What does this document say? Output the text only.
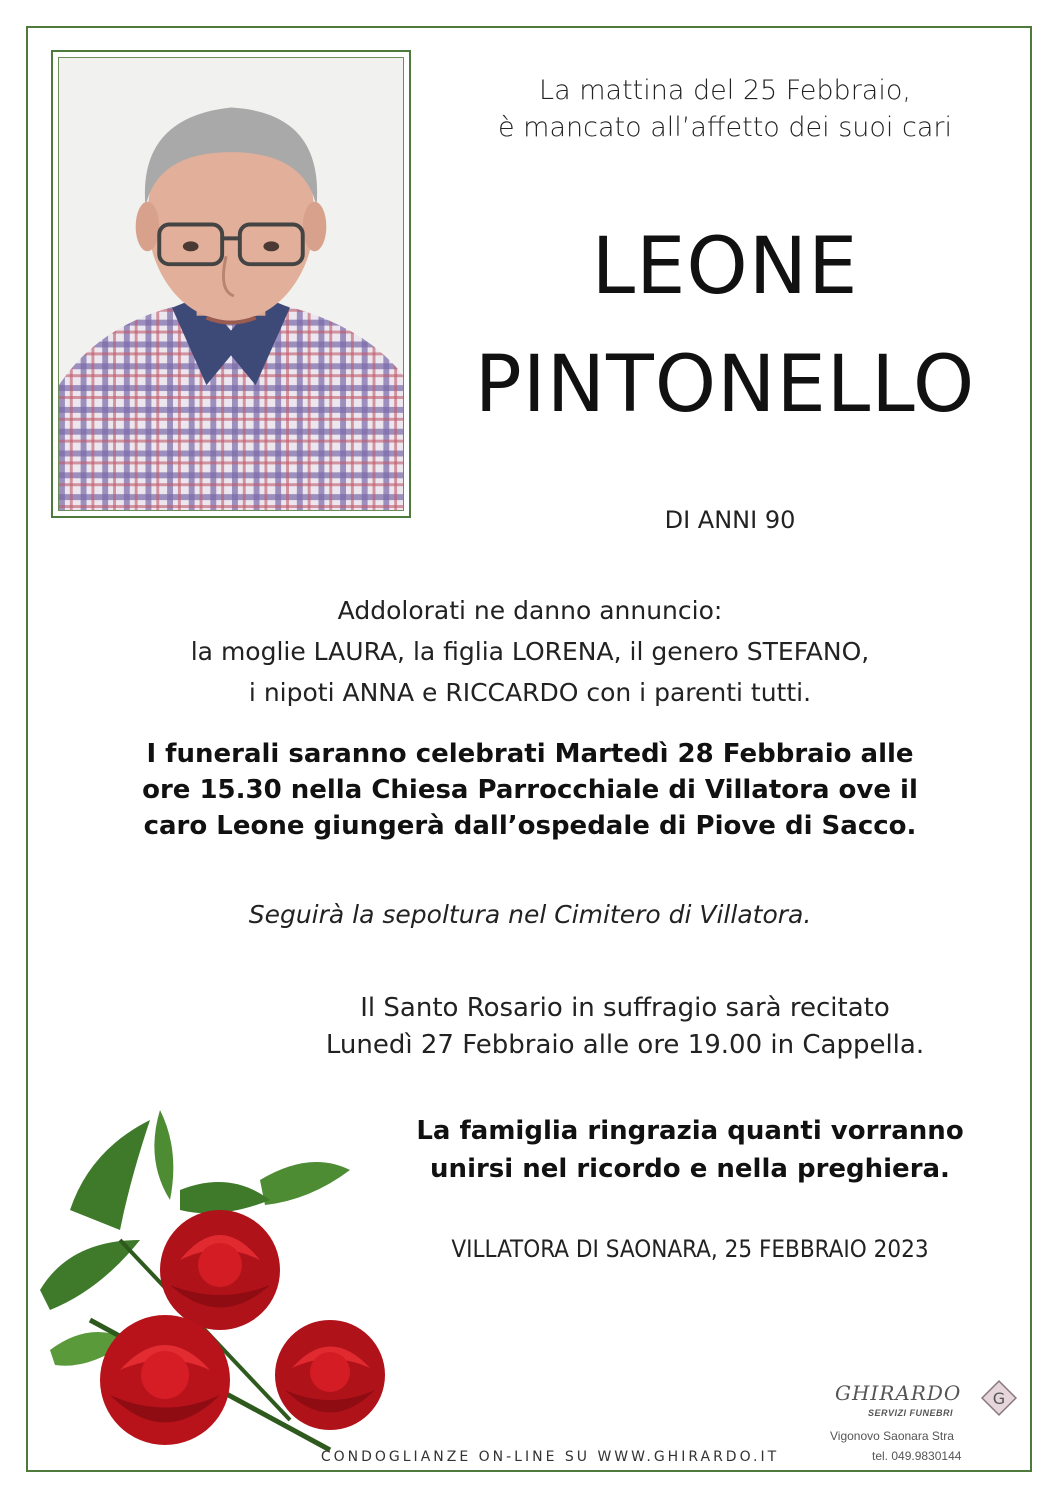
La mattina del 25 Febbraio,
è mancato all’affetto dei suoi cari
LEONE
PINTONELLO
DI ANNI 90
Addolorati ne danno annuncio:
la moglie LAURA, la figlia LORENA, il genero STEFANO,
i nipoti ANNA e RICCARDO con i parenti tutti.
I funerali saranno celebrati Martedì 28 Febbraio alle
ore 15.30 nella Chiesa Parrocchiale di Villatora ove il
caro Leone giungerà dall’ospedale di Piove di Sacco.
Seguirà la sepoltura nel Cimitero di Villatora.
Il Santo Rosario in suffragio sarà recitato
Lunedì 27 Febbraio alle ore 19.00 in Cappella.
La famiglia ringrazia quanti vorranno
unirsi nel ricordo e nella preghiera.
VILLATORA DI SAONARA, 25 FEBBRAIO 2023
CONDOGLIANZE ON-LINE SU WWW.GHIRARDO.IT
GHIRARDO
SERVIZI FUNEBRI
G
Vigonovo Saonara Stra
tel. 049.9830144
